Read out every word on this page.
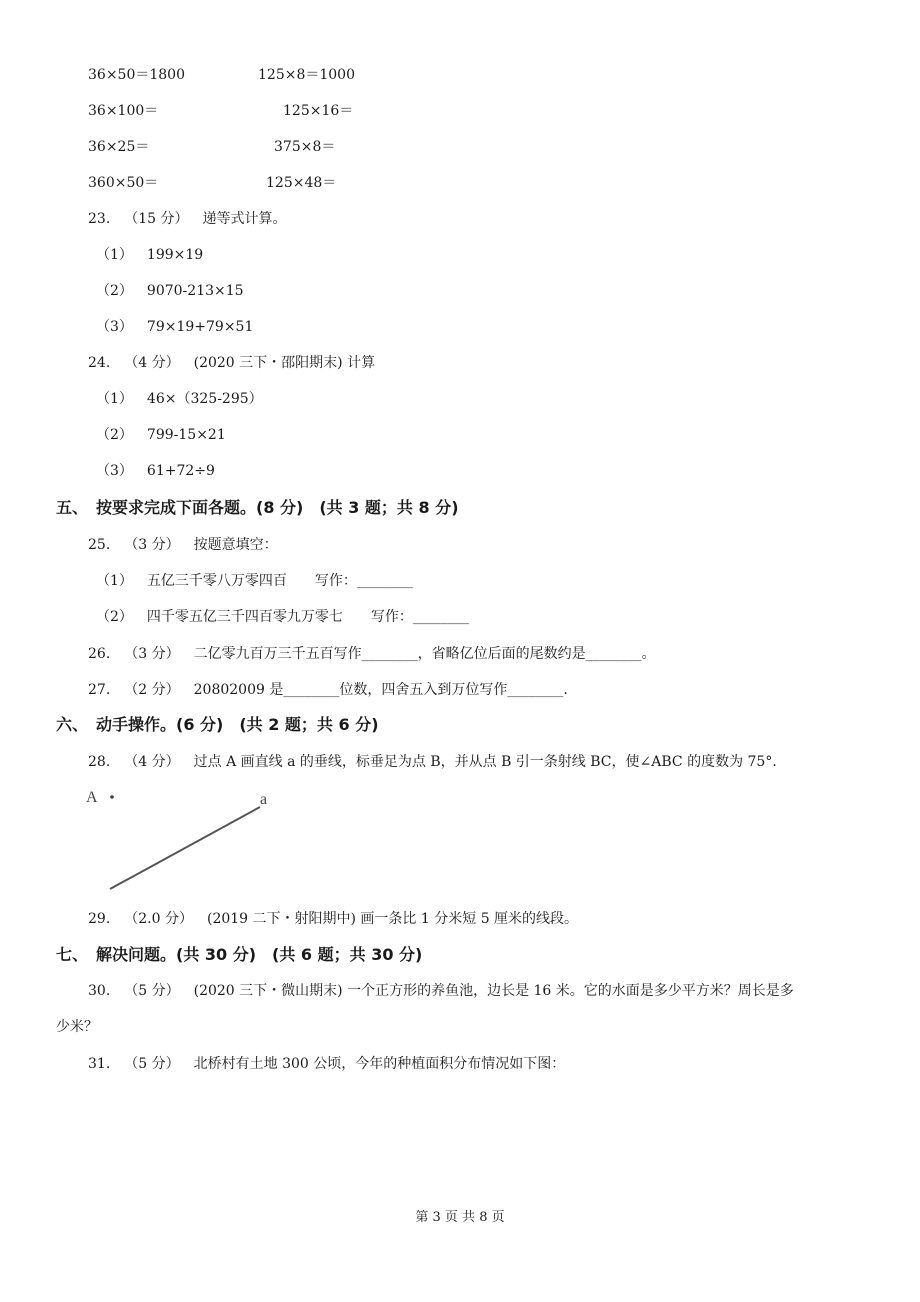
36×50＝1800	125×8＝1000
36×100＝	125×16＝
36×25＝	375×8＝
360×50＝	125×48＝
23. （15 分） 递等式计算。
（1） 199×19
（2） 9070-213×15
（3） 79×19+79×51
24. （4 分） (2020 三下・邵阳期末) 计算
（1） 46×（325-295）
（2） 799-15×21
（3） 61+72÷9
五、　按要求完成下面各题。(8 分)　(共 3 题；共 8 分)
25. （3 分） 按题意填空：
（1） 五亿三千零八万零四百　　写作：________
（2） 四千零五亿三千四百零九万零七　　写作：________
26. （3 分） 二亿零九百万三千五百写作________，省略亿位后面的尾数约是________。
27. （2 分） 20802009 是________位数，四舍五入到万位写作________.
六、　动手操作。(6 分)　(共 2 题；共 6 分)
28. （4 分） 过点 A 画直线 a 的垂线，标垂足为点 B，并从点 B 引一条射线 BC，使∠ABC 的度数为 75°．
A	a
29. （2.0 分） (2019 二下・射阳期中) 画一条比 1 分米短 5 厘米的线段。
七、　解决问题。(共 30 分)　(共 6 题；共 30 分)
30. （5 分） (2020 三下・微山期末) 一个正方形的养鱼池，边长是 16 米。它的水面是多少平方米？周长是多
少米？
31. （5 分） 北桥村有土地 300 公顷，今年的种植面积分布情况如下图：
第 3 页 共 8 页
